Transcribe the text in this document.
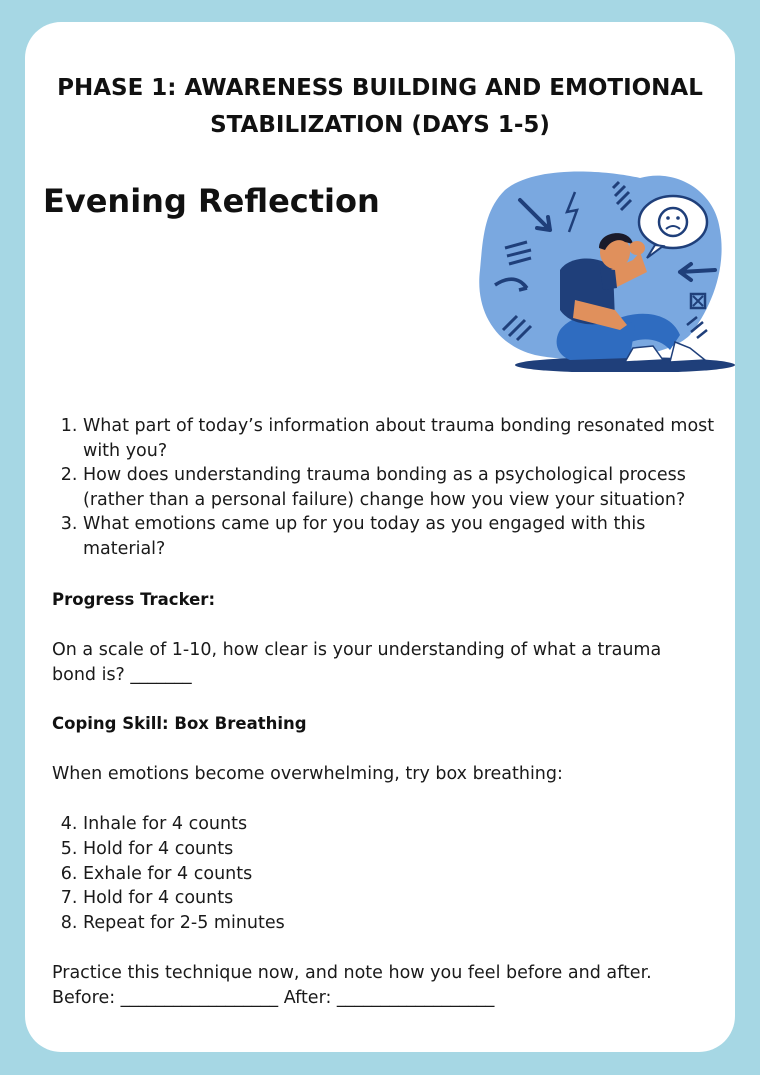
PHASE 1: AWARENESS BUILDING AND EMOTIONAL
STABILIZATION (DAYS 1-5)
Evening Reflection
1. What part of today’s information about trauma bonding resonated most with you?
2. How does understanding trauma bonding as a psychological process (rather than a personal failure) change how you view your situation?
3. What emotions came up for you today as you engaged with this material?
Progress Tracker:
On a scale of 1-10, how clear is your understanding of what a trauma bond is? _______
Coping Skill: Box Breathing
When emotions become overwhelming, try box breathing:
4. Inhale for 4 counts
5. Hold for 4 counts
6. Exhale for 4 counts
7. Hold for 4 counts
8. Repeat for 2-5 minutes
Practice this technique now, and note how you feel before and after.
Before: __________________ After: __________________
